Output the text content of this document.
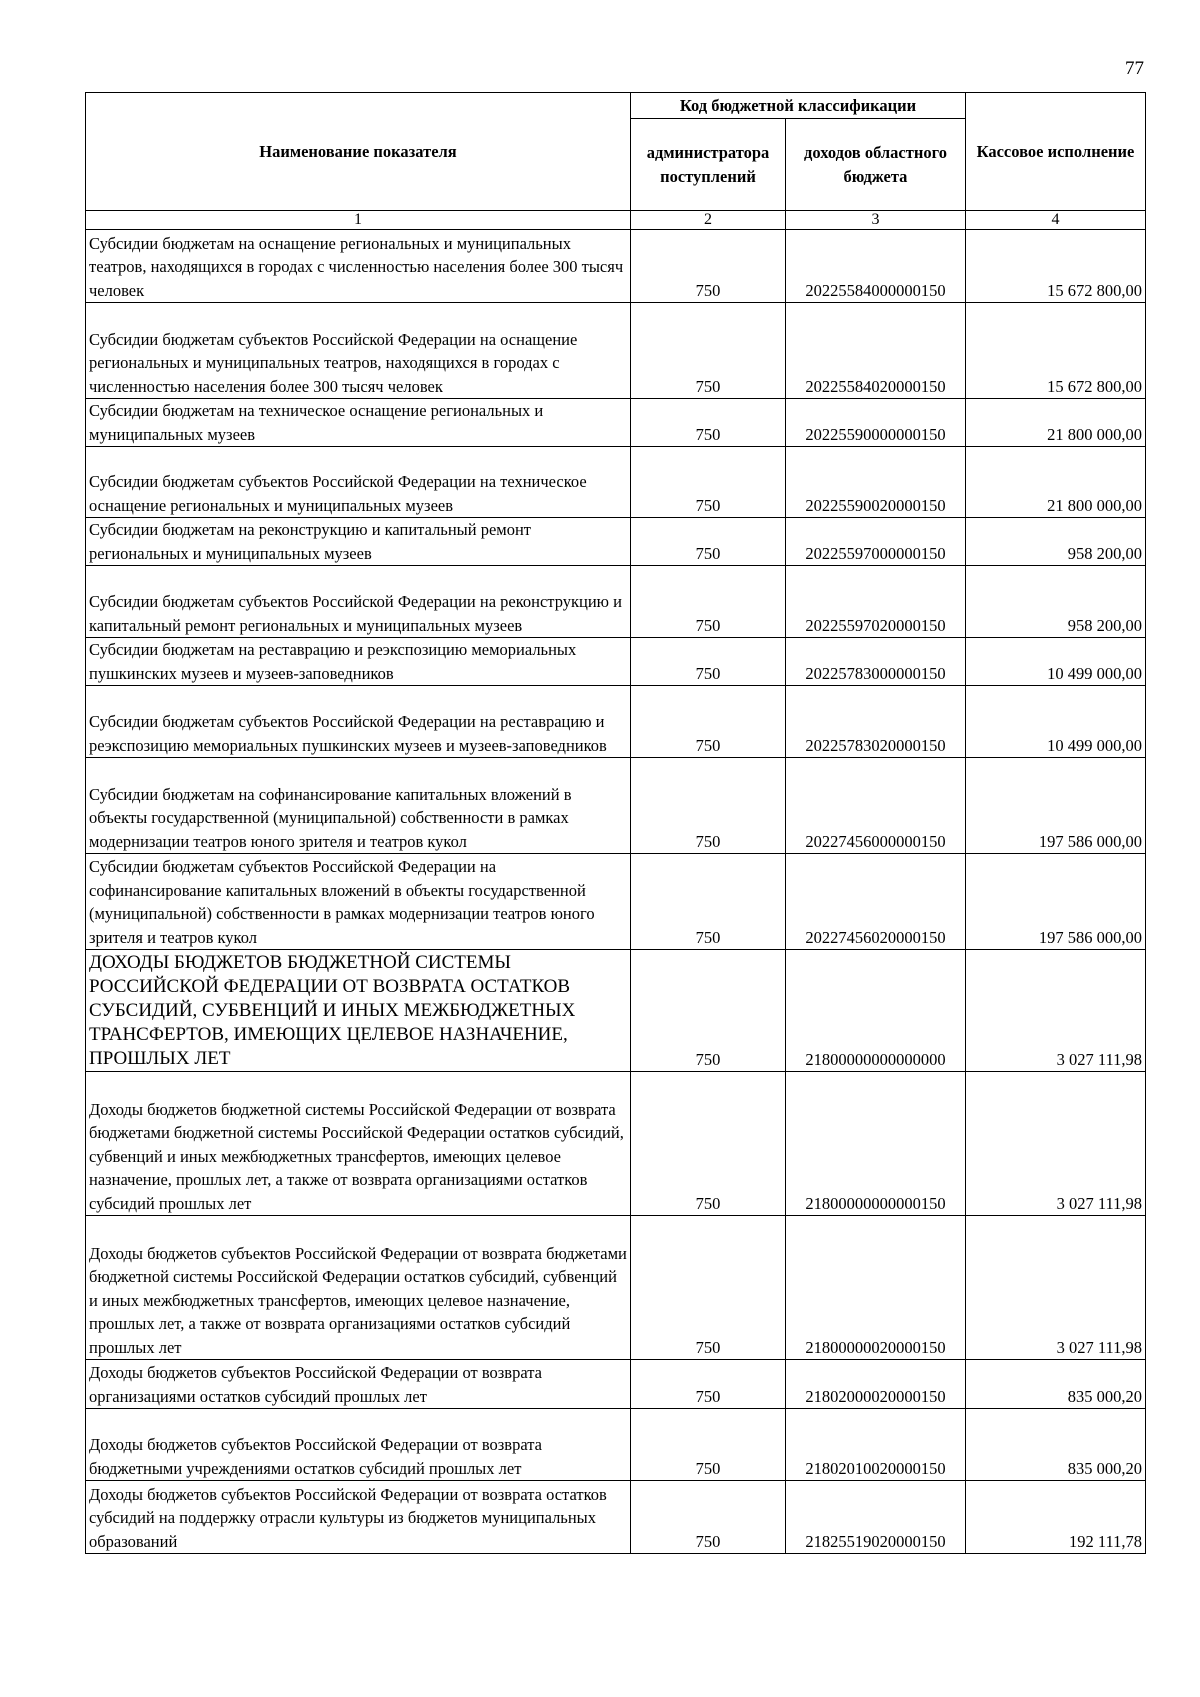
77
Наименование показателя	Код бюджетной классификации		Кассовое исполнение
	администратора поступлений	доходов областного бюджета	
1	2	3	4
Субсидии бюджетам на оснащение региональных и муниципальных театров, находящихся в городах с численностью населения более 300 тысяч человек	750	20225584000000150	15 672 800,00
Субсидии бюджетам субъектов Российской Федерации на оснащение региональных и муниципальных театров, находящихся в городах с численностью населения более 300 тысяч человек	750	20225584020000150	15 672 800,00
Субсидии бюджетам на техническое оснащение региональных и муниципальных музеев	750	20225590000000150	21 800 000,00
Субсидии бюджетам субъектов Российской Федерации на техническое оснащение региональных и муниципальных музеев	750	20225590020000150	21 800 000,00
Субсидии бюджетам на реконструкцию и капитальный ремонт региональных и муниципальных музеев	750	20225597000000150	958 200,00
Субсидии бюджетам субъектов Российской Федерации на реконструкцию и капитальный ремонт региональных и муниципальных музеев	750	20225597020000150	958 200,00
Субсидии бюджетам на реставрацию и реэкспозицию мемориальных пушкинских музеев и музеев-заповедников	750	20225783000000150	10 499 000,00
Субсидии бюджетам субъектов Российской Федерации на реставрацию и реэкспозицию мемориальных пушкинских музеев и музеев-заповедников	750	20225783020000150	10 499 000,00
Субсидии бюджетам на софинансирование капитальных вложений в объекты государственной (муниципальной) собственности в рамках модернизации театров юного зрителя и театров кукол	750	20227456000000150	197 586 000,00
Субсидии бюджетам субъектов Российской Федерации на софинансирование капитальных вложений в объекты государственной (муниципальной) собственности в рамках модернизации театров юного зрителя и театров кукол	750	20227456020000150	197 586 000,00
ДОХОДЫ БЮДЖЕТОВ БЮДЖЕТНОЙ СИСТЕМЫ РОССИЙСКОЙ ФЕДЕРАЦИИ ОТ ВОЗВРАТА ОСТАТКОВ СУБСИДИЙ, СУБВЕНЦИЙ И ИНЫХ МЕЖБЮДЖЕТНЫХ ТРАНСФЕРТОВ, ИМЕЮЩИХ ЦЕЛЕВОЕ НАЗНАЧЕНИЕ, ПРОШЛЫХ ЛЕТ	750	21800000000000000	3 027 111,98
Доходы бюджетов бюджетной системы Российской Федерации от возврата бюджетами бюджетной системы Российской Федерации остатков субсидий, субвенций и иных межбюджетных трансфертов, имеющих целевое назначение, прошлых лет, а также от возврата организациями остатков субсидий прошлых лет	750	21800000000000150	3 027 111,98
Доходы бюджетов субъектов Российской Федерации от возврата бюджетами бюджетной системы Российской Федерации остатков субсидий, субвенций и иных межбюджетных трансфертов, имеющих целевое назначение, прошлых лет, а также от возврата организациями остатков субсидий прошлых лет	750	21800000020000150	3 027 111,98
Доходы бюджетов субъектов Российской Федерации от возврата организациями остатков субсидий прошлых лет	750	21802000020000150	835 000,20
Доходы бюджетов субъектов Российской Федерации от возврата бюджетными учреждениями остатков субсидий прошлых лет	750	21802010020000150	835 000,20
Доходы бюджетов субъектов Российской Федерации от возврата остатков субсидий на поддержку отрасли культуры из бюджетов муниципальных образований	750	21825519020000150	192 111,78
